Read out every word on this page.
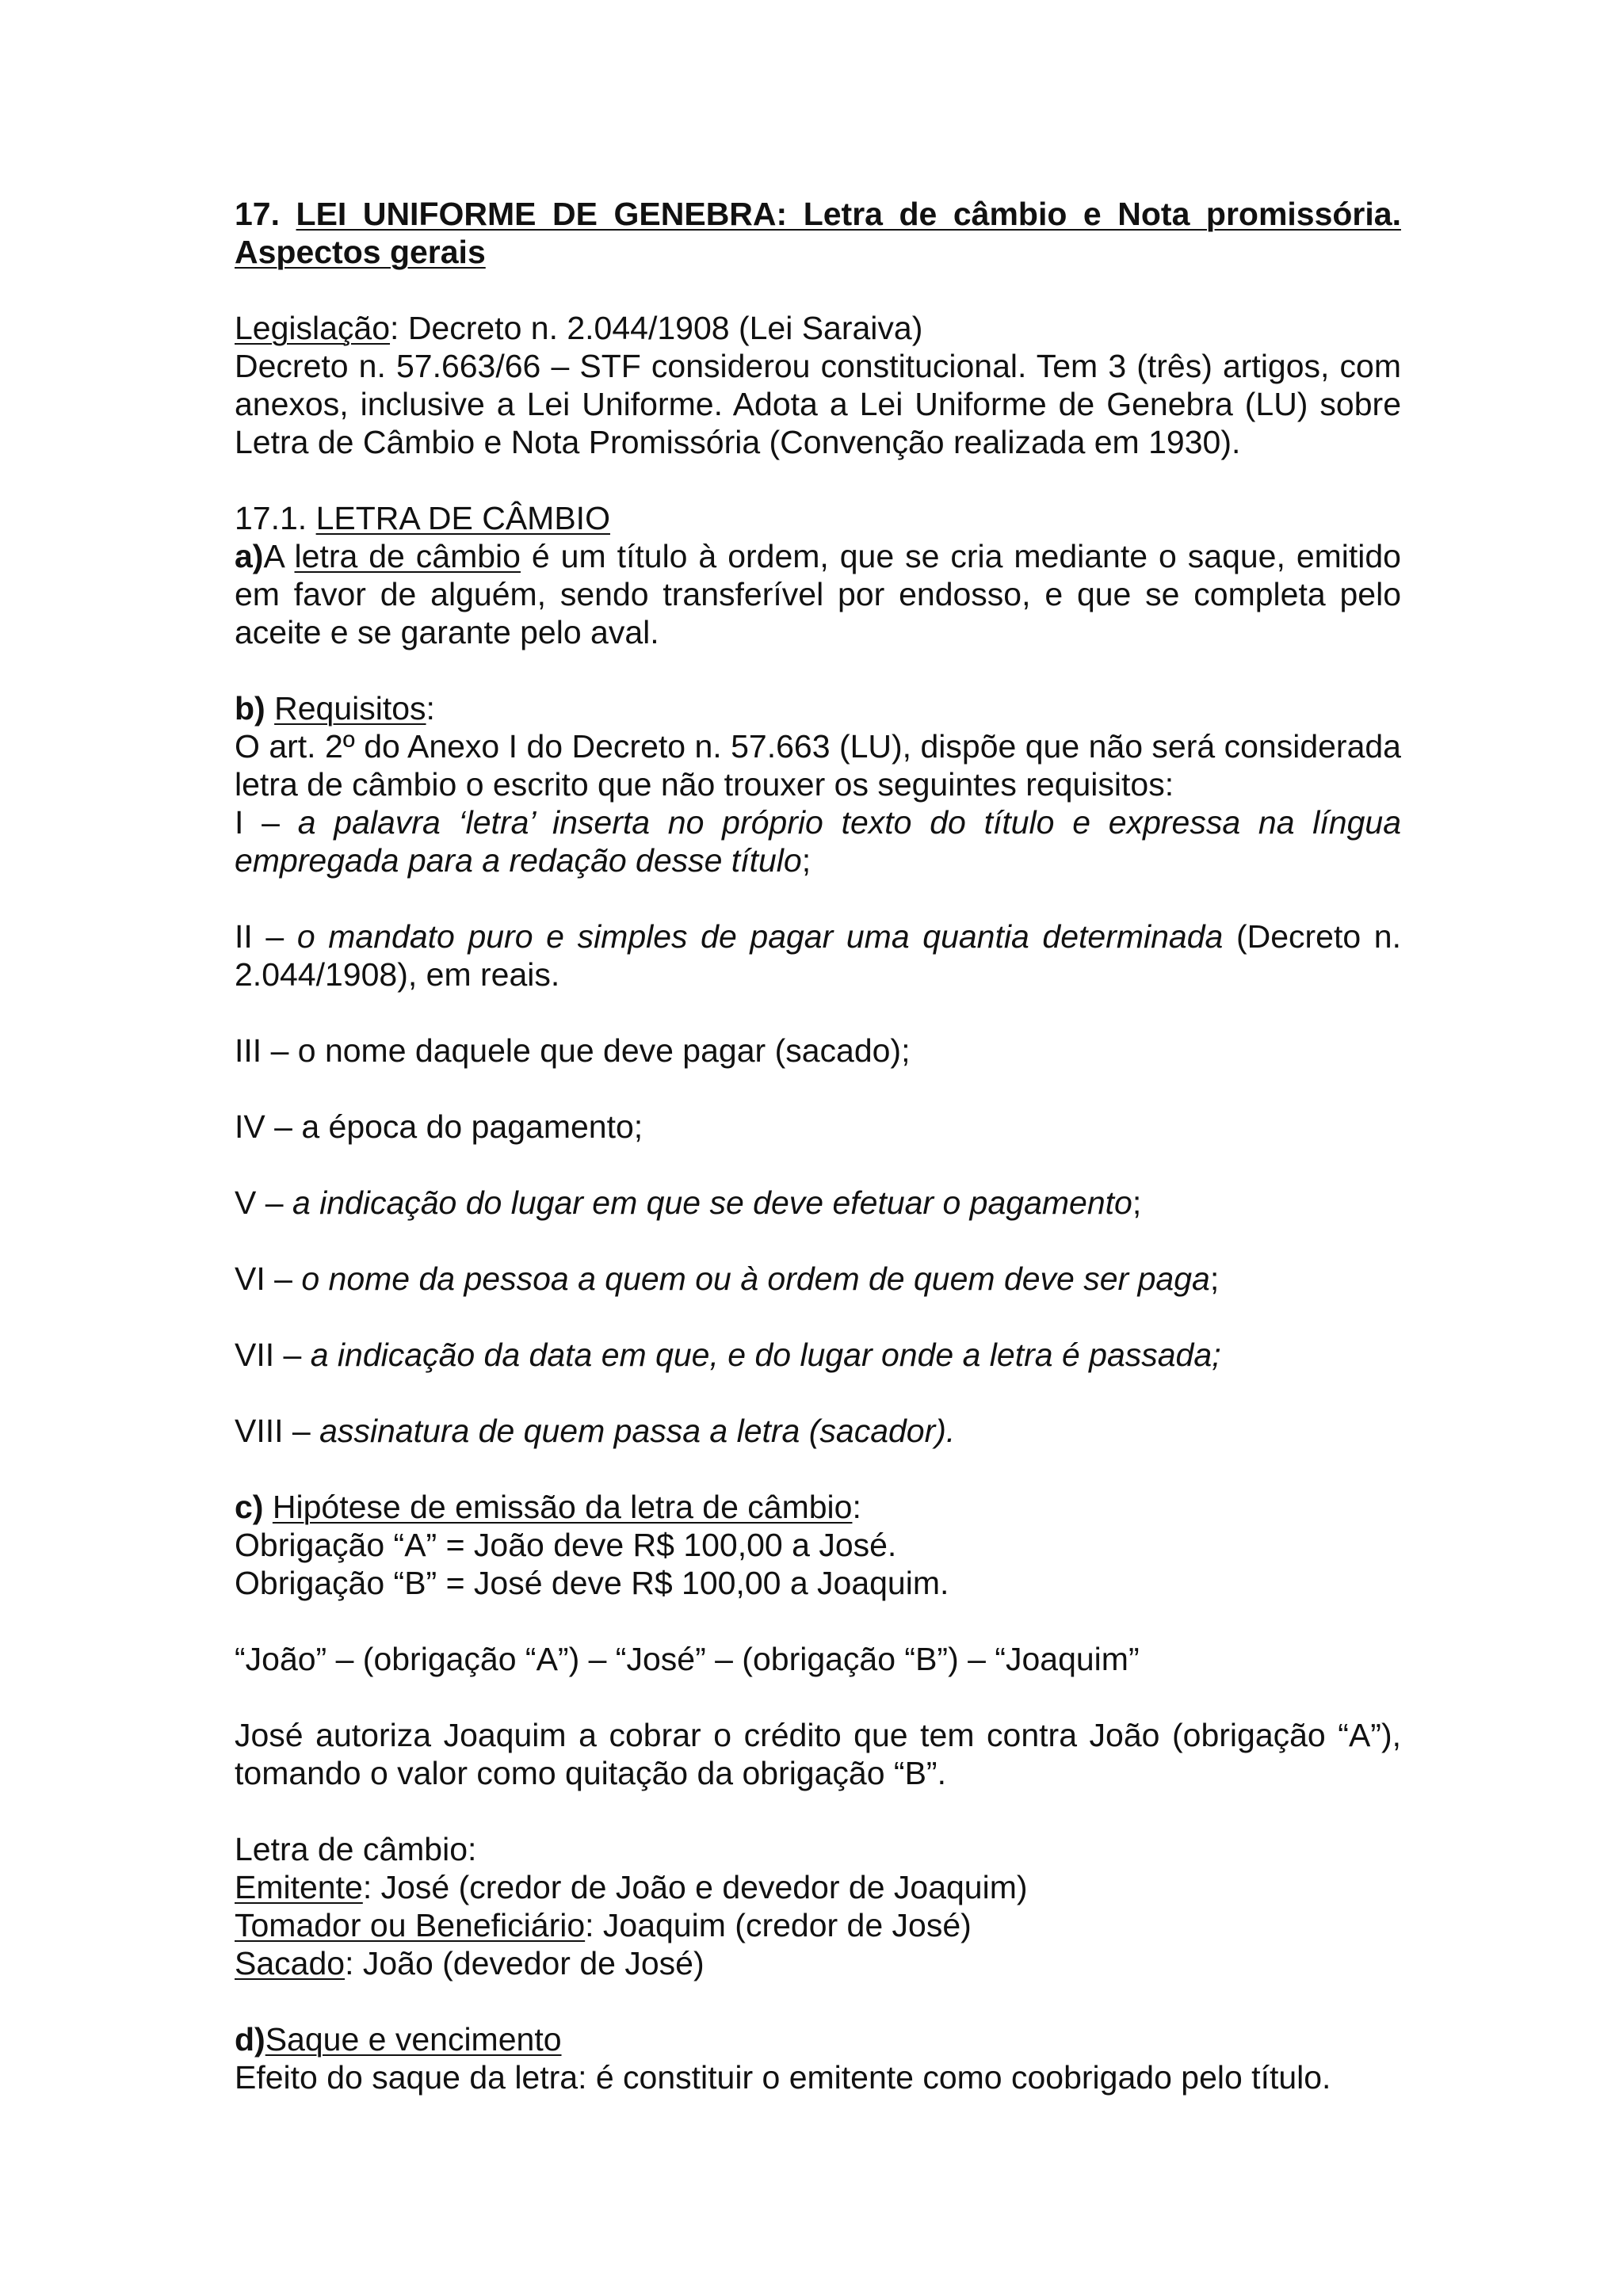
17. LEI UNIFORME DE GENEBRA: Letra de câmbio e Nota promissória. Aspectos gerais

Legislação: Decreto n. 2.044/1908 (Lei Saraiva)

Decreto n. 57.663/66 – STF considerou constitucional. Tem 3 (três) artigos, com anexos, inclusive a Lei Uniforme. Adota a Lei Uniforme de Genebra (LU) sobre Letra de Câmbio e Nota Promissória (Convenção realizada em 1930).

17.1. LETRA DE CÂMBIO

a)A letra de câmbio é um título à ordem, que se cria mediante o saque, emitido em favor de alguém, sendo transferível por endosso, e que se completa pelo aceite e se garante pelo aval.

b) Requisitos:

O art. 2º do Anexo I do Decreto n. 57.663 (LU), dispõe que não será considerada letra de câmbio o escrito que não trouxer os seguintes requisitos:

I – a palavra ‘letra’ inserta no próprio texto do título e expressa na língua empregada para a redação desse título;

II – o mandato puro e simples de pagar uma quantia determinada (Decreto n. 2.044/1908), em reais.

III – o nome daquele que deve pagar (sacado);

IV – a época do pagamento;

V – a indicação do lugar em que se deve efetuar o pagamento;

VI – o nome da pessoa a quem ou à ordem de quem deve ser paga;

VII – a indicação da data em que, e do lugar onde a letra é passada;

VIII – assinatura de quem passa a letra (sacador).

c) Hipótese de emissão da letra de câmbio:

Obrigação “A” = João deve R$ 100,00 a José.

Obrigação “B” = José deve R$ 100,00 a Joaquim.

“João” – (obrigação “A”) – “José” – (obrigação “B”) – “Joaquim”

José autoriza Joaquim a cobrar o crédito que tem contra João (obrigação “A”), tomando o valor como quitação da obrigação “B”.

Letra de câmbio:

Emitente: José (credor de João e devedor de Joaquim)

Tomador ou Beneficiário: Joaquim (credor de José)

Sacado: João (devedor de José)

d)Saque e vencimento

Efeito do saque da letra: é constituir o emitente como coobrigado pelo título.
